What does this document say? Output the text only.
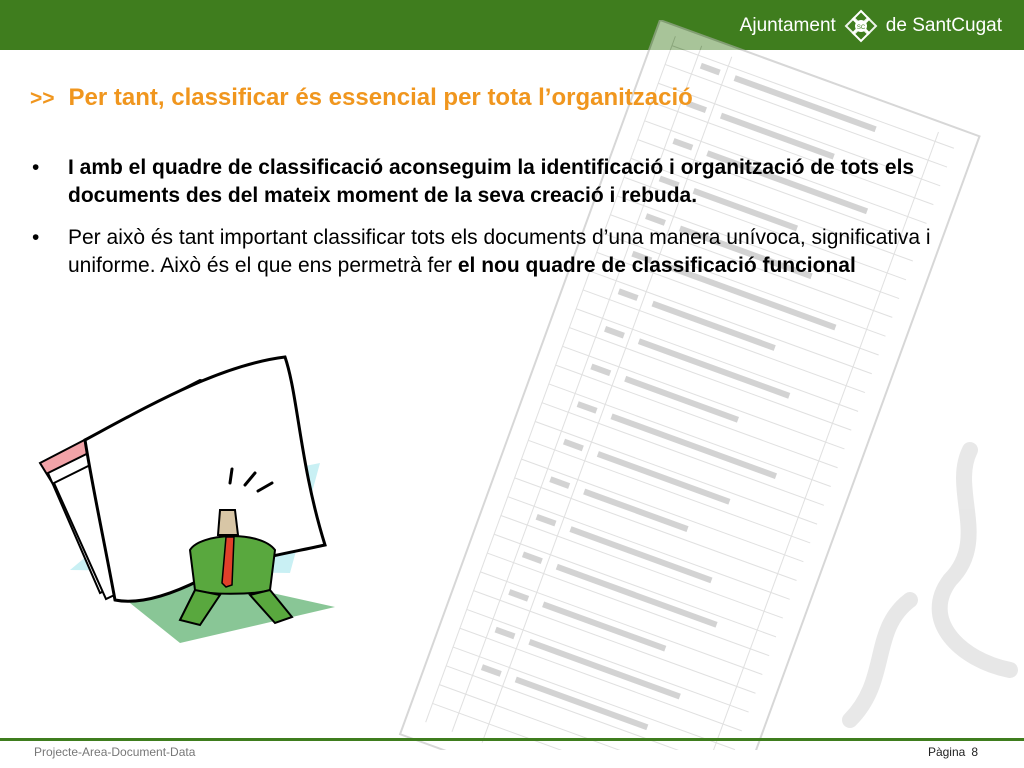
Ajuntament	SC de SantCugat
>> Per tant, classificar és essencial per tota l’organització
•	I amb el quadre de classificació aconseguim la identificació i organització de tots els documents des del mateix moment de la seva creació i rebuda.
•	Per això és tant important classificar tots els documents d’una manera unívoca, significativa i uniforme. Això és el que ens permetrà fer el nou quadre de classificació funcional
Projecte-Area-Document-Data	Pàgina 8
